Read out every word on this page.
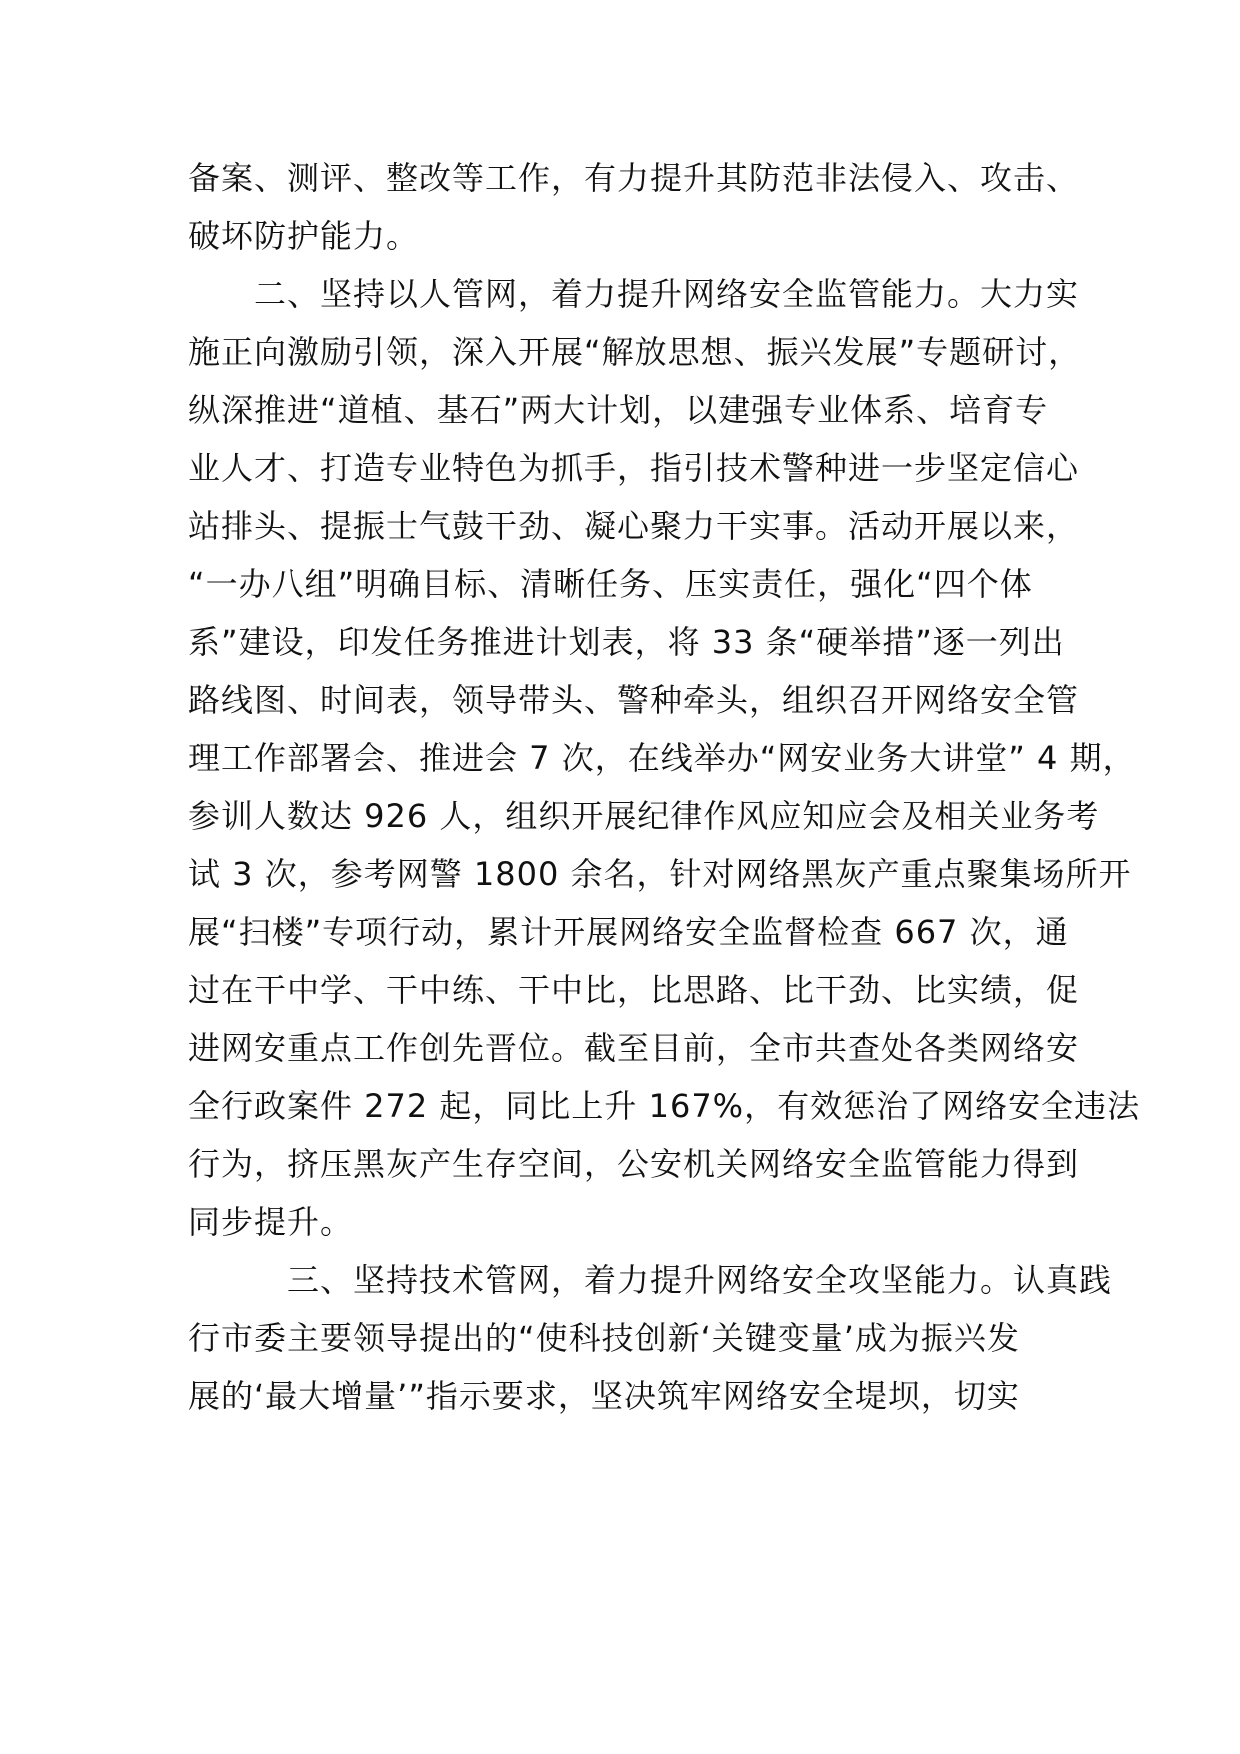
备案、测评、整改等工作，有力提升其防范非法侵入、攻击、
破坏防护能力。
　　二、坚持以人管网，着力提升网络安全监管能力。大力实
施正向激励引领，深入开展“解放思想、振兴发展”专题研讨，
纵深推进“道植、基石”两大计划，以建强专业体系、培育专
业人才、打造专业特色为抓手，指引技术警种进一步坚定信心
站排头、提振士气鼓干劲、凝心聚力干实事。活动开展以来，
“一办八组”明确目标、清晰任务、压实责任，强化“四个体
系”建设，印发任务推进计划表，将 33 条“硬举措”逐一列出
路线图、时间表，领导带头、警种牵头，组织召开网络安全管
理工作部署会、推进会 7 次，在线举办“网安业务大讲堂” 4 期，
参训人数达 926 人，组织开展纪律作风应知应会及相关业务考
试 3 次，参考网警 1800 余名，针对网络黑灰产重点聚集场所开
展“扫楼”专项行动，累计开展网络安全监督检查 667 次，通
过在干中学、干中练、干中比，比思路、比干劲、比实绩，促
进网安重点工作创先晋位。截至目前，全市共查处各类网络安
全行政案件 272 起，同比上升 167%，有效惩治了网络安全违法
行为，挤压黑灰产生存空间，公安机关网络安全监管能力得到
同步提升。
　　　三、坚持技术管网，着力提升网络安全攻坚能力。认真践
行市委主要领导提出的“使科技创新‘关键变量’成为振兴发
展的‘最大增量’”指示要求，坚决筑牢网络安全堤坝，切实
